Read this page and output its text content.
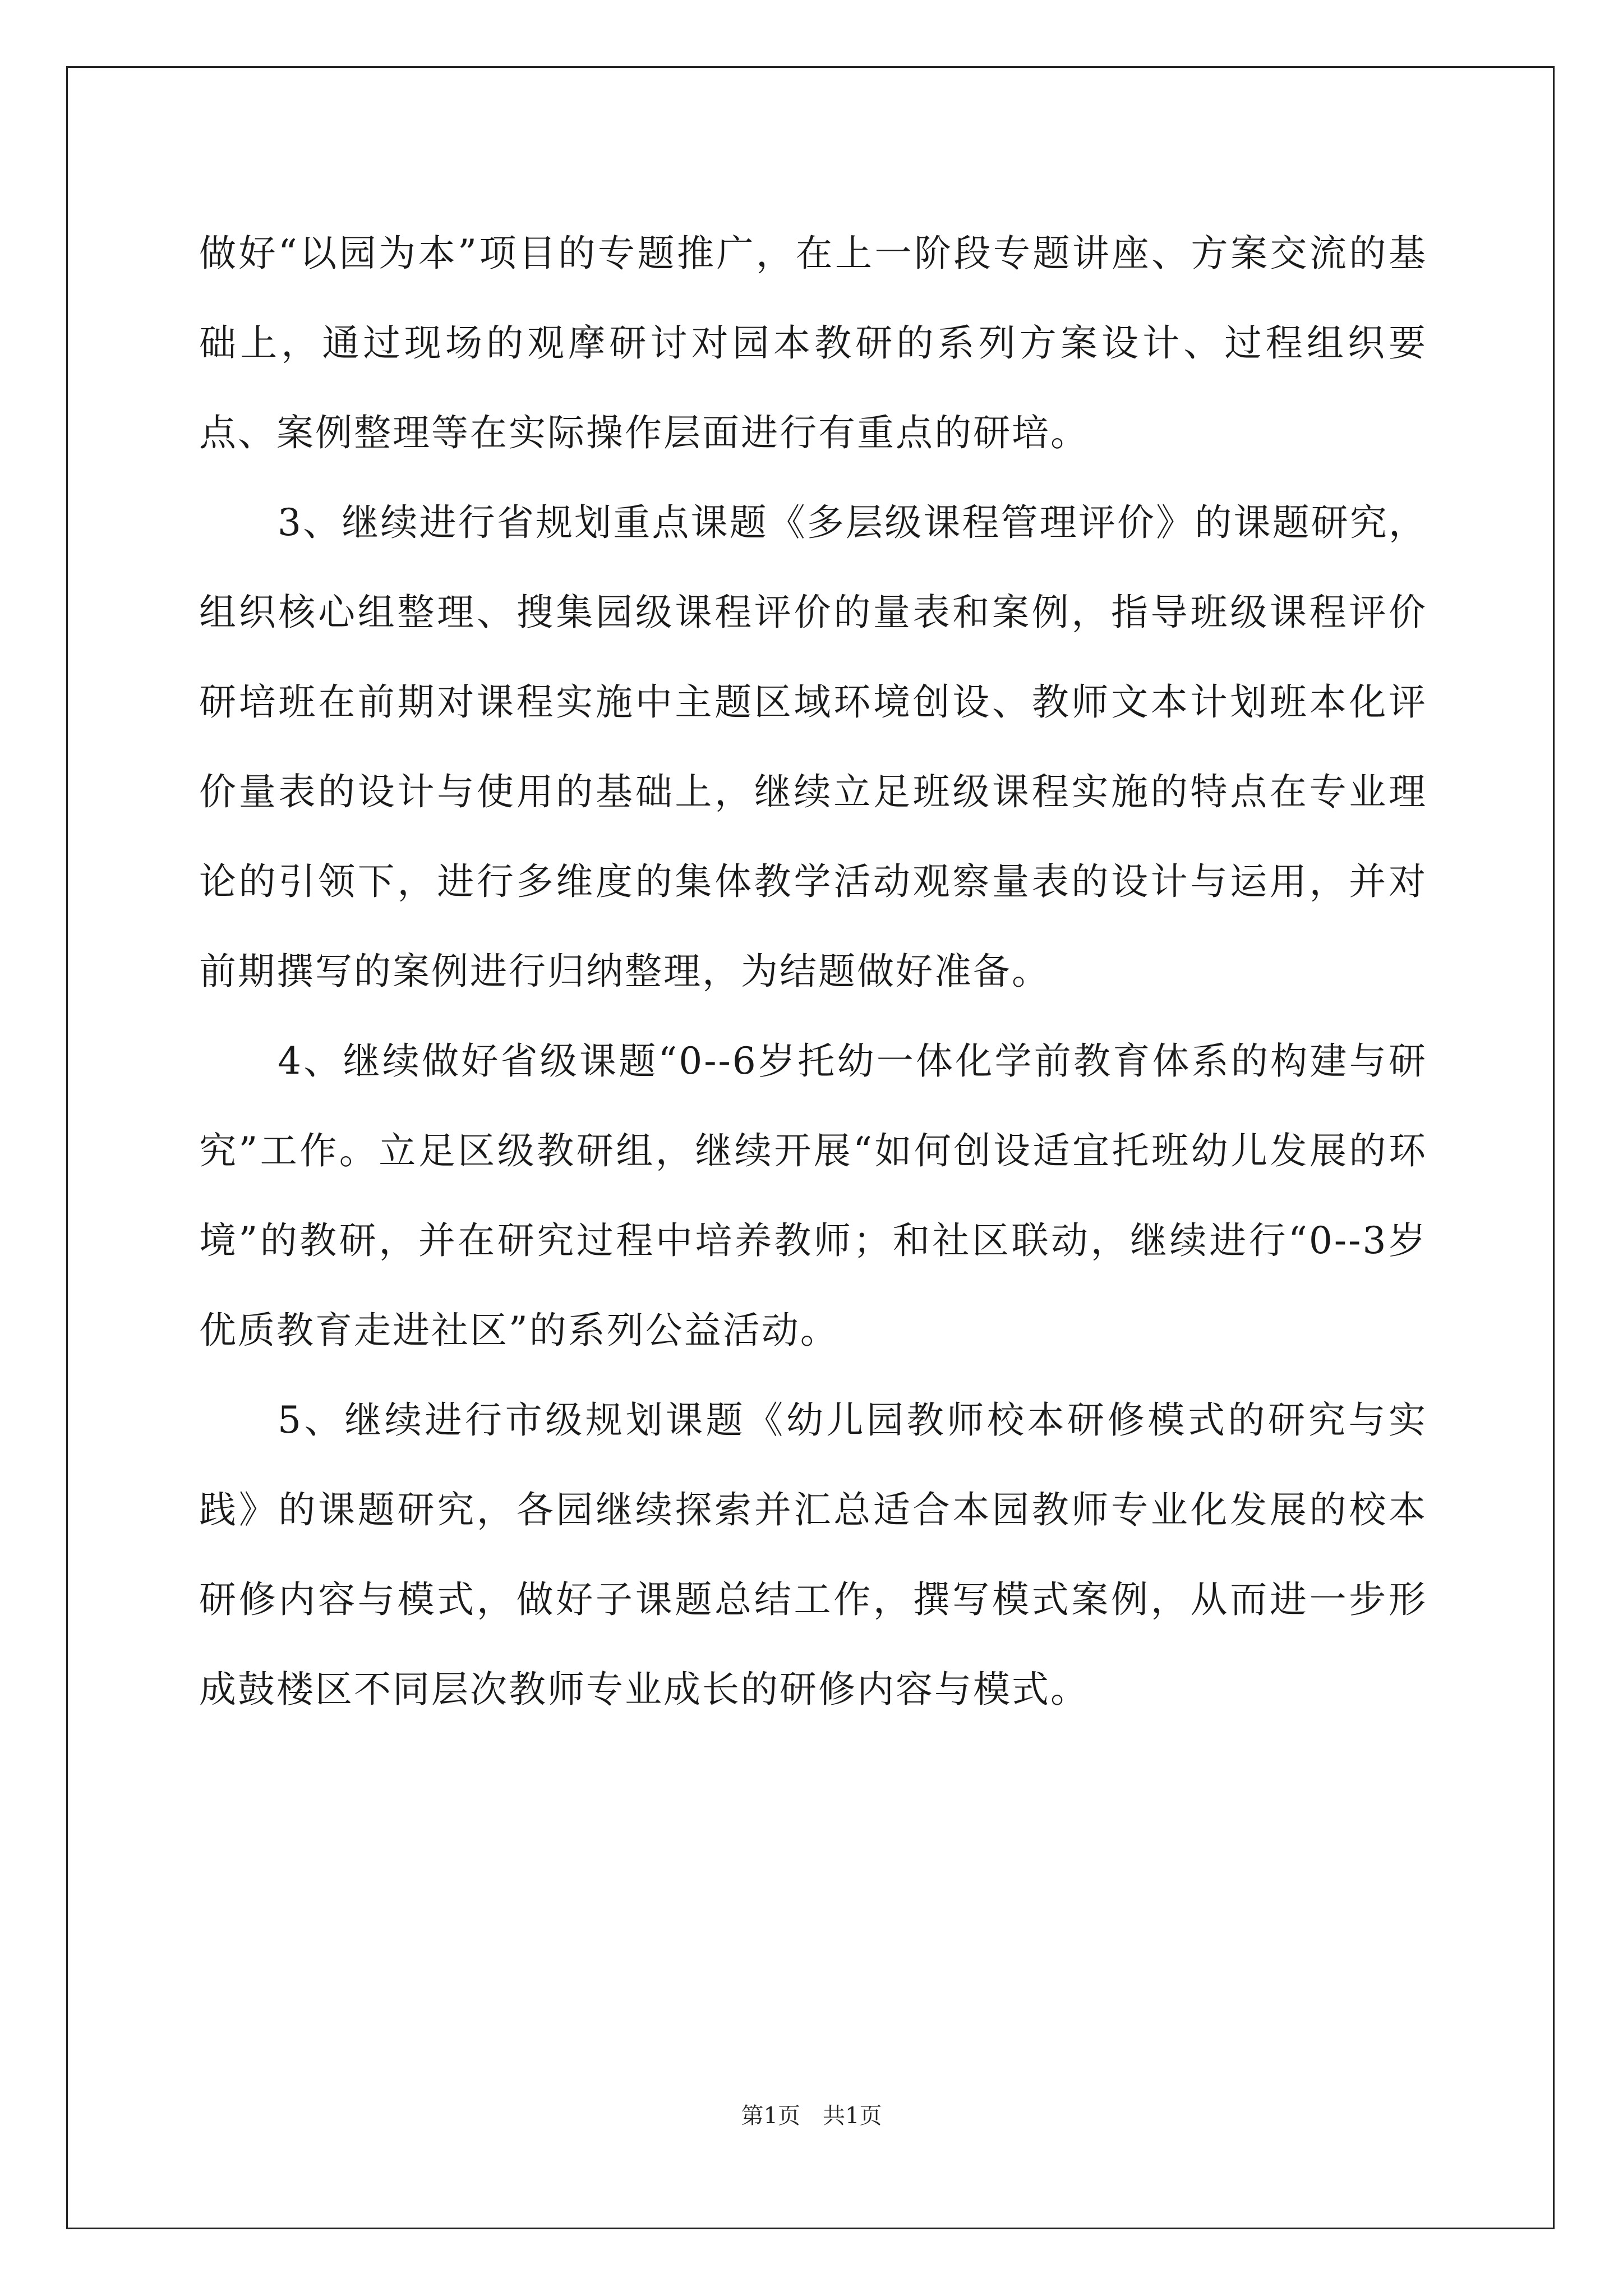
做好“以园为本”项目的专题推广，在上一阶段专题讲座、方案交流的基础上，通过现场的观摩研讨对园本教研的系列方案设计、过程组织要点、案例整理等在实际操作层面进行有重点的研培。

3、继续进行省规划重点课题《多层级课程管理评价》的课题研究，组织核心组整理、搜集园级课程评价的量表和案例，指导班级课程评价研培班在前期对课程实施中主题区域环境创设、教师文本计划班本化评价量表的设计与使用的基础上，继续立足班级课程实施的特点在专业理论的引领下，进行多维度的集体教学活动观察量表的设计与运用，并对前期撰写的案例进行归纳整理，为结题做好准备。

4、继续做好省级课题“0--6岁托幼一体化学前教育体系的构建与研究”工作。立足区级教研组，继续开展“如何创设适宜托班幼儿发展的环境”的教研，并在研究过程中培养教师；和社区联动，继续进行“0--3岁优质教育走进社区”的系列公益活动。

5、继续进行市级规划课题《幼儿园教师校本研修模式的研究与实践》的课题研究，各园继续探索并汇总适合本园教师专业化发展的校本研修内容与模式，做好子课题总结工作，撰写模式案例，从而进一步形成鼓楼区不同层次教师专业成长的研修内容与模式。

第1页 共1页
